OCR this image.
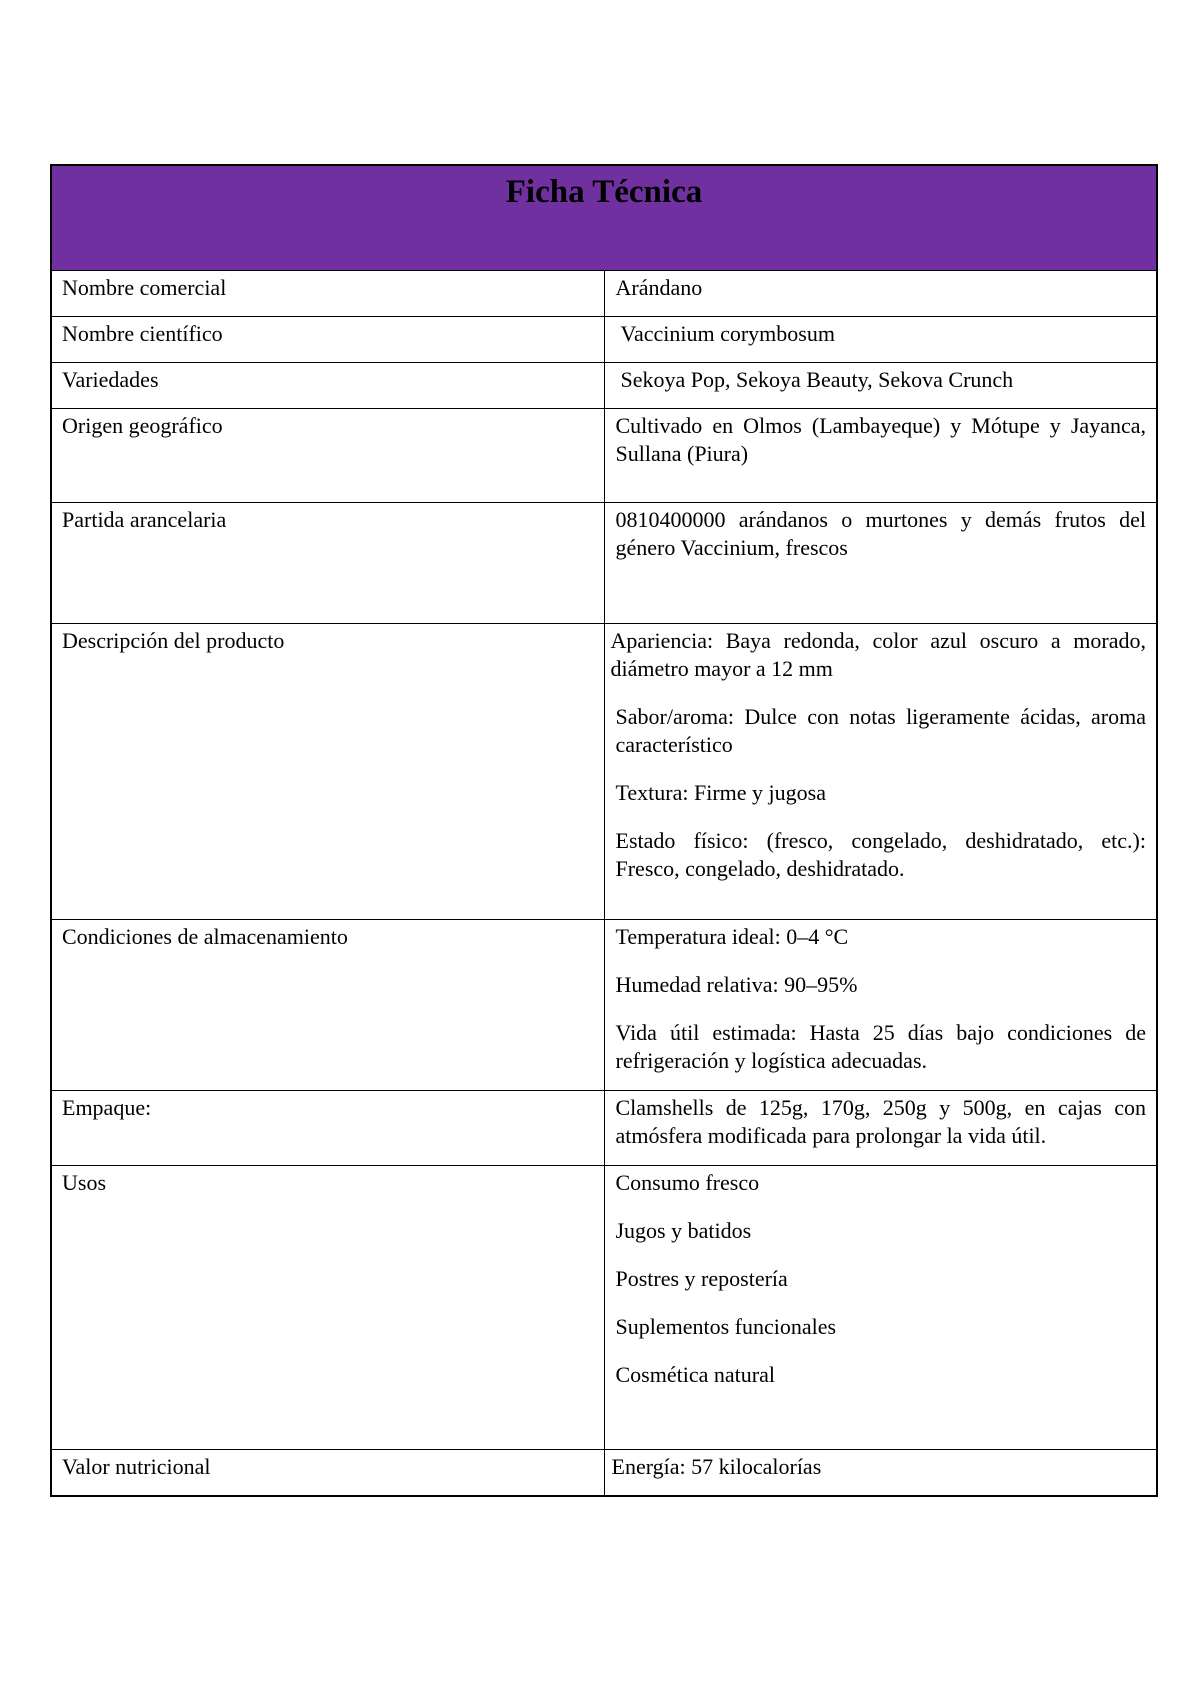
Ficha Técnica	

Nombre comercial	Arándano
Nombre científico	Vaccinium corymbosum
Variedades	Sekoya Pop, Sekoya Beauty, Sekova Crunch
Origen geográfico	Cultivado en Olmos (Lambayeque) y Mótupe y Jayanca, Sullana (Piura)
Partida arancelaria	0810400000 arándanos o murtones y demás frutos del género Vaccinium, frescos
Descripción del producto	Apariencia: Baya redonda, color azul oscuro a morado, diámetro mayor a 12 mm

Sabor/aroma: Dulce con notas ligeramente ácidas, aroma característico

Textura: Firme y jugosa

Estado físico: (fresco, congelado, deshidratado, etc.): Fresco, congelado, deshidratado.

Condiciones de almacenamiento	Temperatura ideal: 0–4 °C

Humedad relativa: 90–95%

Vida útil estimada: Hasta 25 días bajo condiciones de refrigeración y logística adecuadas.

Empaque:	Clamshells de 125g, 170g, 250g y 500g, en cajas con atmósfera modificada para prolongar la vida útil.
Usos	Consumo fresco

Jugos y batidos

Postres y repostería

Suplementos funcionales

Cosmética natural

Valor nutricional	Energía: 57 kilocalorías
